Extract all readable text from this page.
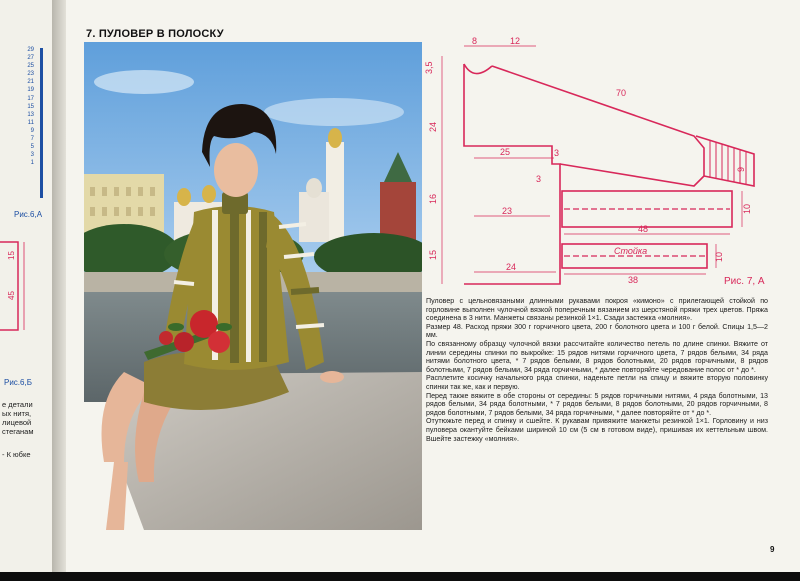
29
27
25
23
21
19
17
15
13
11
9
7
5
3
1
Рис.6,А
15
45
Рис.6,Б
е детали
ых нитя,
лицевой
стеганам
- К юбке
7. ПУЛОВЕР В ПОЛОСКУ
8	12
3,5
70
24
25	3
3
9
16
23	10
48
15
24
Стойка
10
38	Рис. 7, А

Пуловер с цельновязаными длинными рукавами покроя «кимоно» с прилегающей стойкой по горловине выполнен чулочной вязкой поперечным вязанием из шерстяной пряжи трех цветов. Пряжа соединена в 3 нити. Манжеты связаны резинкой 1×1. Сзади застежка «молния».

Размер 48. Расход пряжи 300 г горчичного цвета, 200 г болотного цвета и 100 г белой. Спицы 1,5—2 мм.

По связанному образцу чулочной вязки рассчитайте количество петель по длине спинки. Вяжите от линии середины спинки по выкройке: 15 рядов нитями горчичного цвета, 7 рядов белыми, 34 ряда нитями болотного цвета, * 7 рядов белыми, 8 рядов болотными, 20 рядов горчичными, 8 рядов болотными, 7 рядов белыми, 34 ряда горчичными, * далее повторяйте чередование полос от * до *.

Расплетите косичку начального ряда спинки, наденьте петли на спицу и вяжите вторую половинку спинки так же, как и первую.

Перед также вяжите в обе стороны от середины: 5 рядов горчичными нитями, 4 ряда болотными, 13 рядов белыми, 34 ряда болотными, * 7 рядов белыми, 8 рядов болотными, 20 рядов горчичными, 8 рядов болотными, 7 рядов белыми, 34 ряда горчичными, * далее повторяйте от * до *.

Отутюжьте перед и спинку и сшейте. К рукавам привяжите манжеты резинкой 1×1. Горловину и низ пуловера окантуйте бейками шириной 10 см (5 см в готовом виде), пришивая их кеттельным швом. Вшейте застежку «молния».

9
